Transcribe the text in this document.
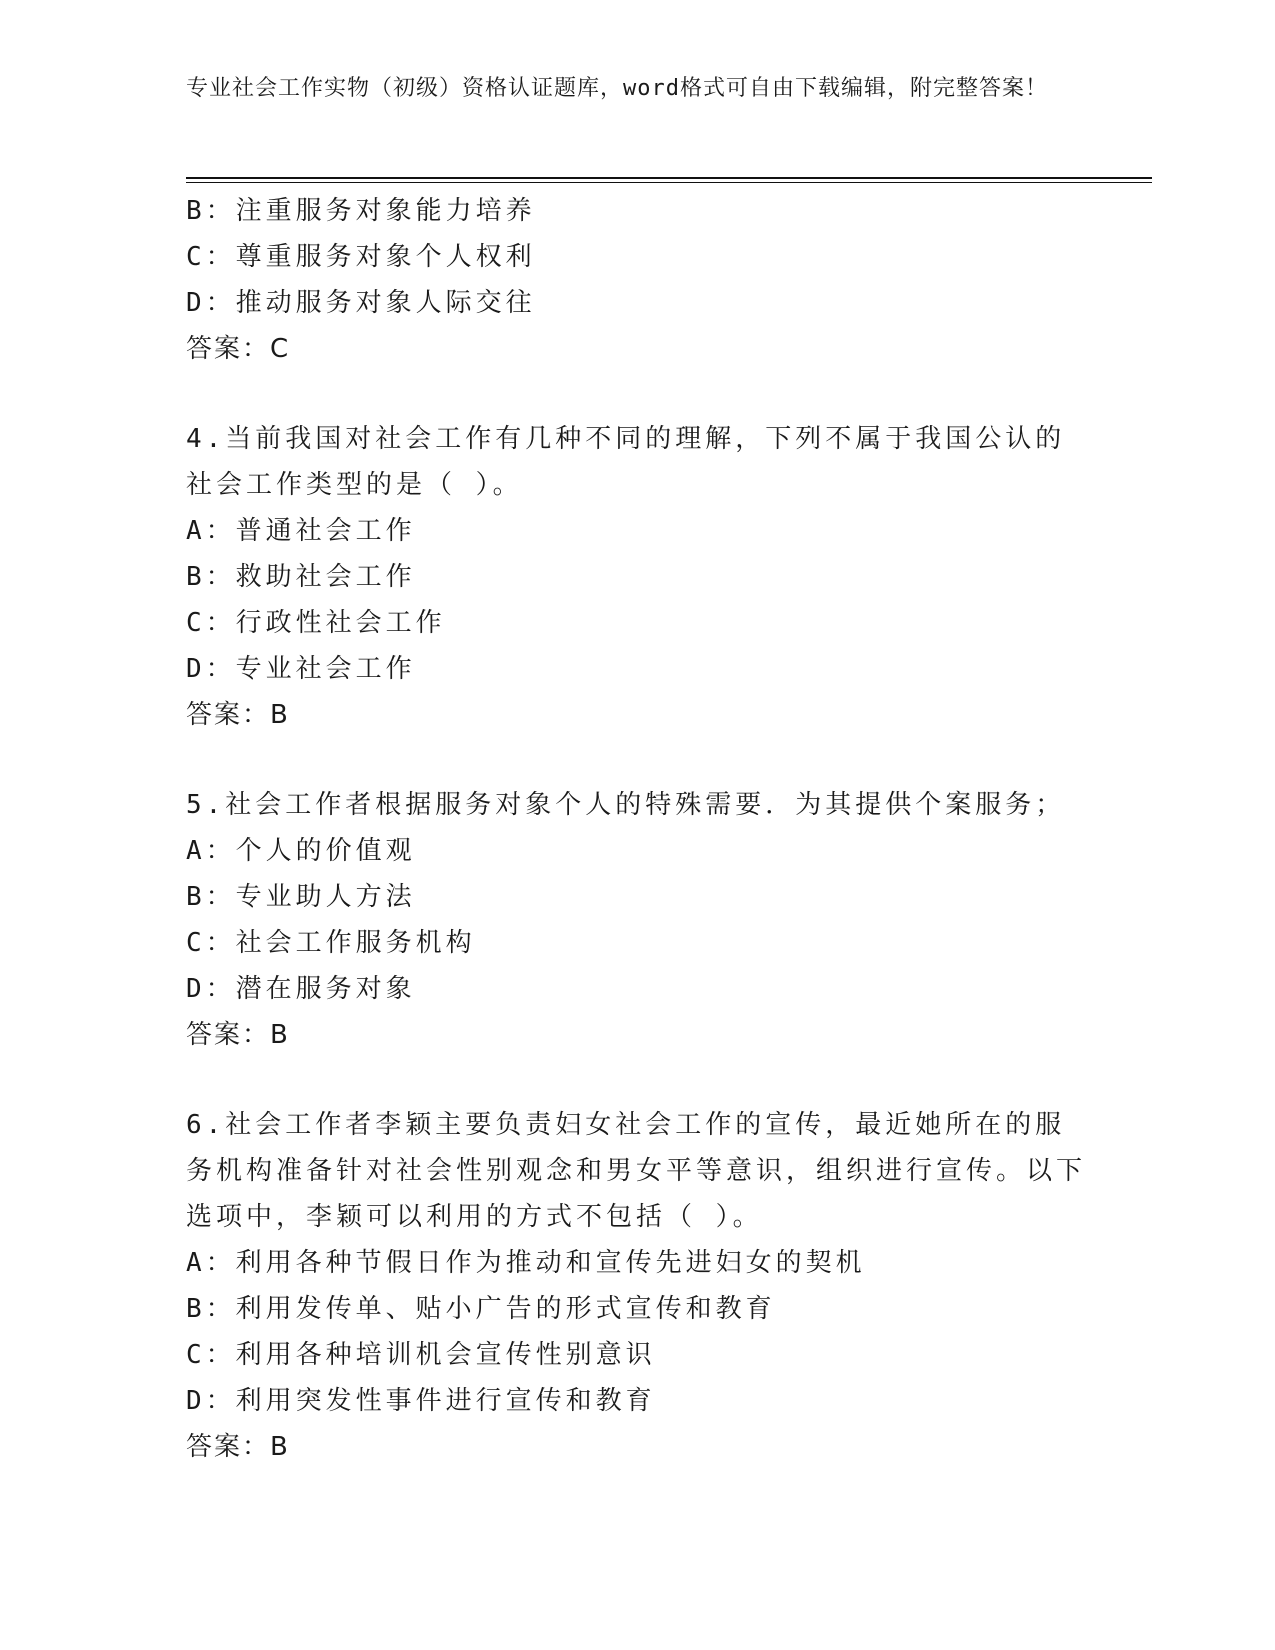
专业社会工作实物（初级）资格认证题库，word格式可自由下载编辑，附完整答案！
B：注重服务对象能力培养
C：尊重服务对象个人权利
D：推动服务对象人际交往
答案：C
4.当前我国对社会工作有几种不同的理解，下列不属于我国公认的社会工作类型的是（ ）。
A：普通社会工作
B：救助社会工作
C：行政性社会工作
D：专业社会工作
答案：B
5.社会工作者根据服务对象个人的特殊需要．为其提供个案服务；
A：个人的价值观
B：专业助人方法
C：社会工作服务机构
D：潜在服务对象
答案：B
6.社会工作者李颖主要负责妇女社会工作的宣传，最近她所在的服务机构准备针对社会性别观念和男女平等意识，组织进行宣传。以下选项中，李颖可以利用的方式不包括（ ）。
A：利用各种节假日作为推动和宣传先进妇女的契机
B：利用发传单、贴小广告的形式宣传和教育
C：利用各种培训机会宣传性别意识
D：利用突发性事件进行宣传和教育
答案：B
